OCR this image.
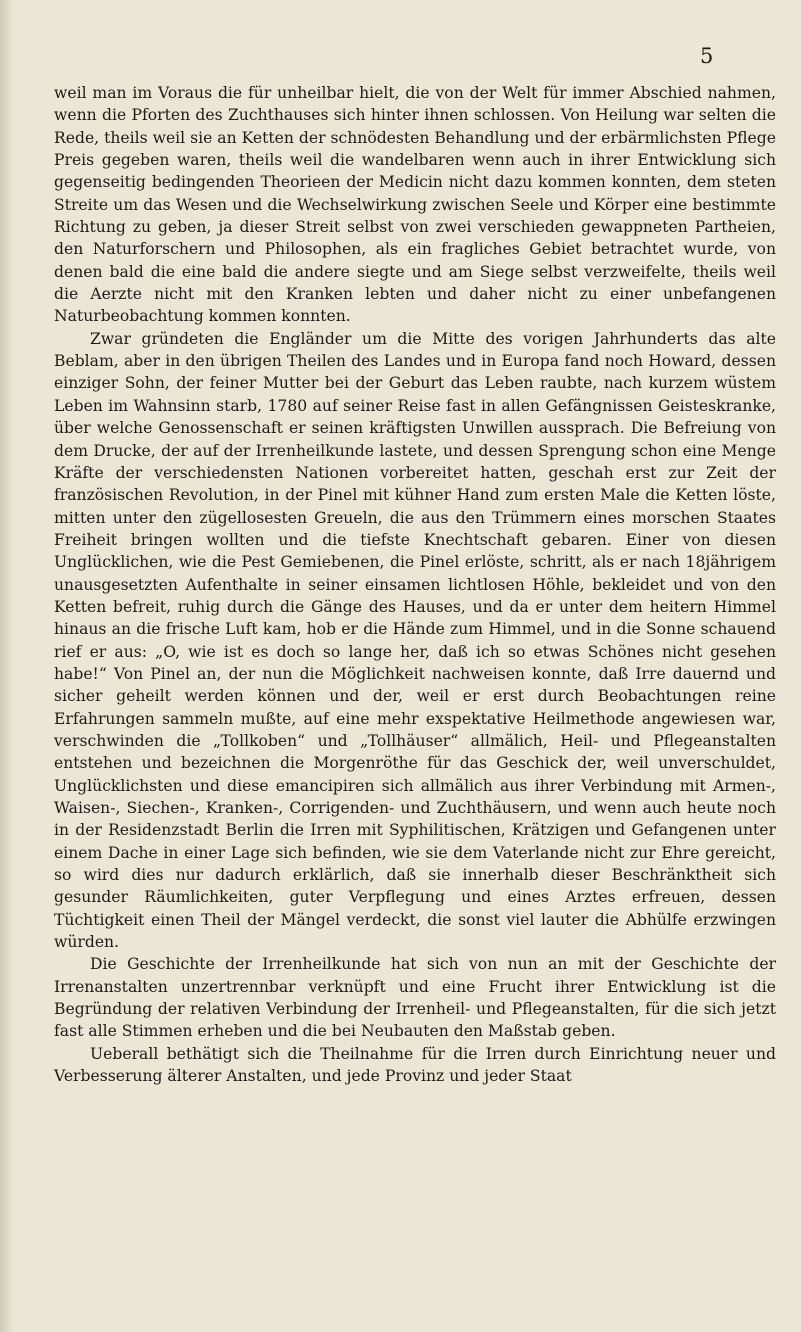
5

weil man im Voraus die für unheilbar hielt, die von der Welt für immer Abschied nahmen, wenn die Pforten des Zuchthauses sich hinter ihnen schlossen. Von Heilung war selten die Rede, theils weil sie an Ketten der schnödesten Behandlung und der erbärmlichsten Pflege Preis gegeben waren, theils weil die wandelbaren wenn auch in ihrer Entwicklung sich gegenseitig bedingenden Theorieen der Medicin nicht dazu kommen konnten, dem steten Streite um das Wesen und die Wechselwirkung zwischen Seele und Körper eine bestimmte Richtung zu geben, ja dieser Streit selbst von zwei verschieden gewappneten Partheien, den Naturforschern und Philosophen, als ein fragliches Gebiet betrachtet wurde, von denen bald die eine bald die andere siegte und am Siege selbst verzweifelte, theils weil die Aerzte nicht mit den Kranken lebten und daher nicht zu einer unbefangenen Naturbeobachtung kommen konnten.

Zwar gründeten die Engländer um die Mitte des vorigen Jahrhunderts das alte Beblam, aber in den übrigen Theilen des Landes und in Europa fand noch Howard, dessen einziger Sohn, der feiner Mutter bei der Geburt das Leben raubte, nach kurzem wüstem Leben im Wahnsinn starb, 1780 auf seiner Reise fast in allen Gefängnissen Geisteskranke, über welche Genossenschaft er seinen kräftigsten Unwillen aussprach. Die Befreiung von dem Drucke, der auf der Irrenheilkunde lastete, und dessen Sprengung schon eine Menge Kräfte der verschiedensten Nationen vorbereitet hatten, geschah erst zur Zeit der französischen Revolution, in der Pinel mit kühner Hand zum ersten Male die Ketten löste, mitten unter den zügellosesten Greueln, die aus den Trümmern eines morschen Staates Freiheit bringen wollten und die tiefste Knechtschaft gebaren. Einer von diesen Unglücklichen, wie die Pest Gemiebenen, die Pinel erlöste, schritt, als er nach 18jährigem unausgesetzten Aufenthalte in seiner einsamen lichtlosen Höhle, bekleidet und von den Ketten befreit, ruhig durch die Gänge des Hauses, und da er unter dem heitern Himmel hinaus an die frische Luft kam, hob er die Hände zum Himmel, und in die Sonne schauend rief er aus: „O, wie ist es doch so lange her, daß ich so etwas Schönes nicht gesehen habe!“ Von Pinel an, der nun die Möglichkeit nachweisen konnte, daß Irre dauernd und sicher geheilt werden können und der, weil er erst durch Beobachtungen reine Erfahrungen sammeln mußte, auf eine mehr exspektative Heilmethode angewiesen war, verschwinden die „Tollkoben“ und „Tollhäuser“ allmälich, Heil- und Pflegeanstalten entstehen und bezeichnen die Morgenröthe für das Geschick der, weil unverschuldet, Unglücklichsten und diese emancipiren sich allmälich aus ihrer Verbindung mit Armen-, Waisen-, Siechen-, Kranken-, Corrigenden- und Zuchthäusern, und wenn auch heute noch in der Residenzstadt Berlin die Irren mit Syphilitischen, Krätzigen und Gefangenen unter einem Dache in einer Lage sich befinden, wie sie dem Vaterlande nicht zur Ehre gereicht, so wird dies nur dadurch erklärlich, daß sie innerhalb dieser Beschränktheit sich gesunder Räumlichkeiten, guter Verpflegung und eines Arztes erfreuen, dessen Tüchtigkeit einen Theil der Mängel verdeckt, die sonst viel lauter die Abhülfe erzwingen würden.

Die Geschichte der Irrenheilkunde hat sich von nun an mit der Geschichte der Irrenanstalten unzertrennbar verknüpft und eine Frucht ihrer Entwicklung ist die Begründung der relativen Verbindung der Irrenheil- und Pflegeanstalten, für die sich jetzt fast alle Stimmen erheben und die bei Neubauten den Maßstab geben.

Ueberall bethätigt sich die Theilnahme für die Irren durch Einrichtung neuer und Verbesserung älterer Anstalten, und jede Provinz und jeder Staat
